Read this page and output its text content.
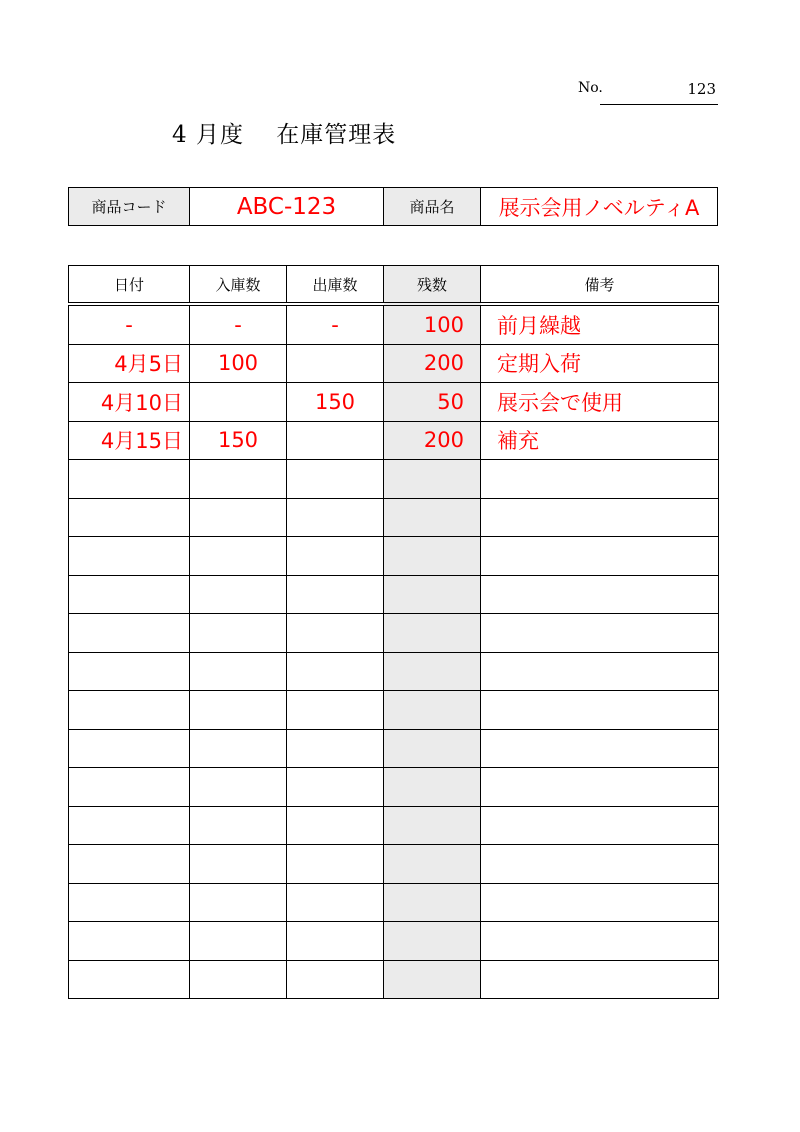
No.	123
4 月度　 在庫管理表
商品コード	ABC-123	商品名	展示会用ノベルティA
日付	入庫数	出庫数	残数	備考
-	-	-	100	前月繰越
4月5日	100		200	定期入荷
4月10日		150	50	展示会で使用
4月15日	150		200	補充
